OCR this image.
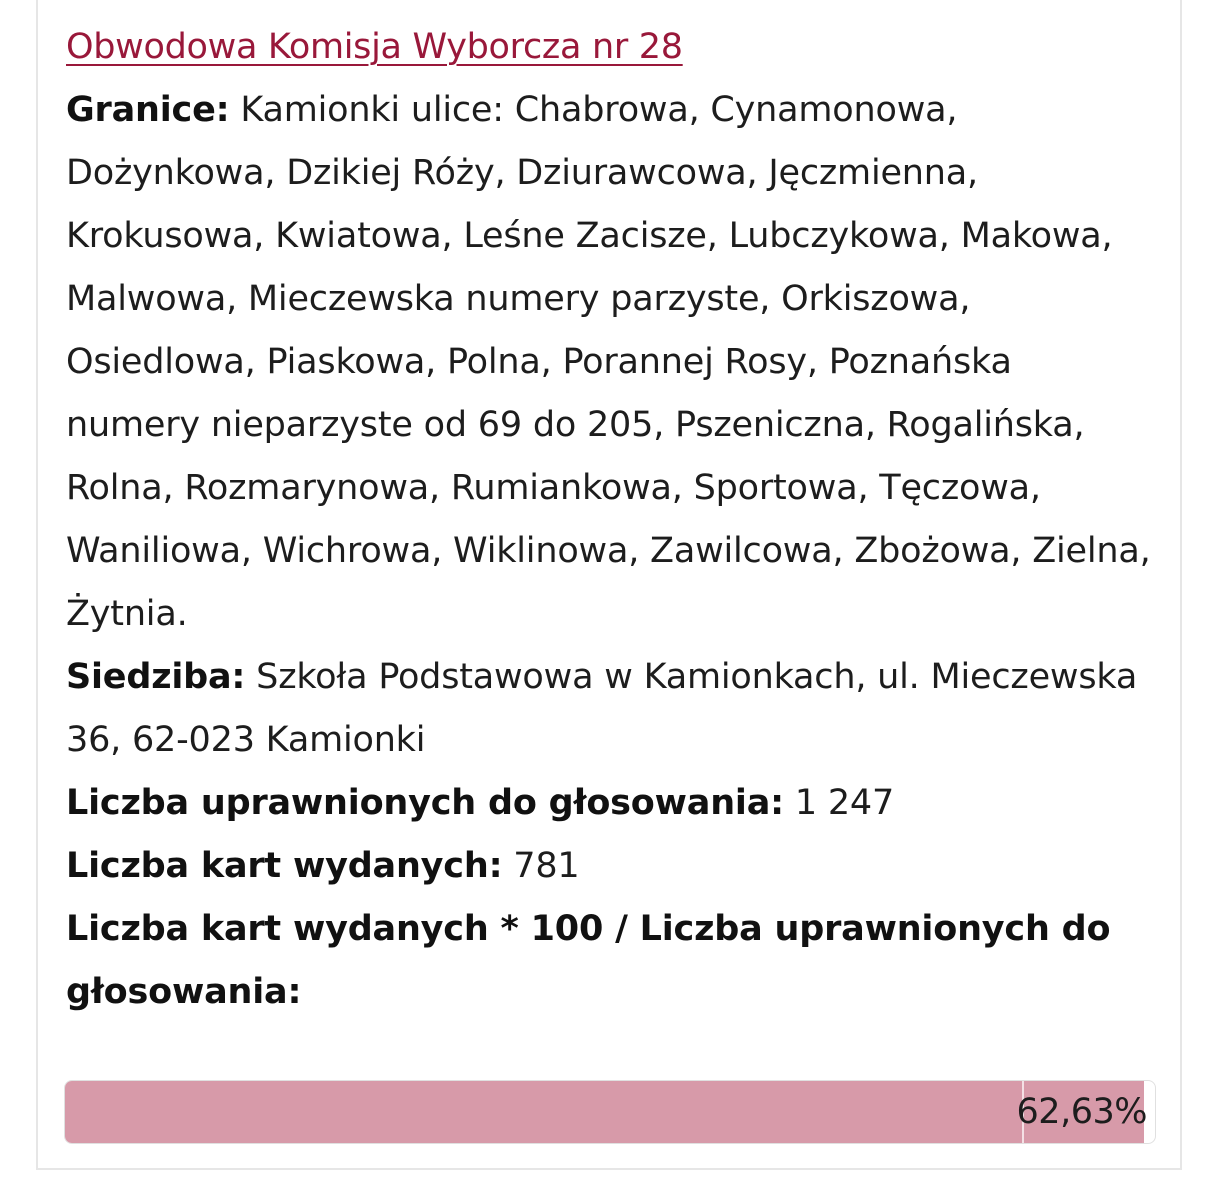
Obwodowa Komisja Wyborcza nr 28

Granice: Kamionki ulice: Chabrowa, Cynamonowa, Dożynkowa, Dzikiej Róży, Dziurawcowa, Jęczmienna, Krokusowa, Kwiatowa, Leśne Zacisze, Lubczykowa, Makowa, Malwowa, Mieczewska numery parzyste, Orkiszowa, Osiedlowa, Piaskowa, Polna, Porannej Rosy, Poznańska numery nieparzyste od 69 do 205, Pszeniczna, Rogalińska, Rolna, Rozmarynowa, Rumiankowa, Sportowa, Tęczowa, Waniliowa, Wichrowa, Wiklinowa, Zawilcowa, Zbożowa, Zielna, Żytnia.

Siedziba: Szkoła Podstawowa w Kamionkach, ul. Mieczewska 36, 62-023 Kamionki

Liczba uprawnionych do głosowania: 1 247

Liczba kart wydanych: 781

Liczba kart wydanych * 100 / Liczba uprawnionych do głosowania:

62,63%
